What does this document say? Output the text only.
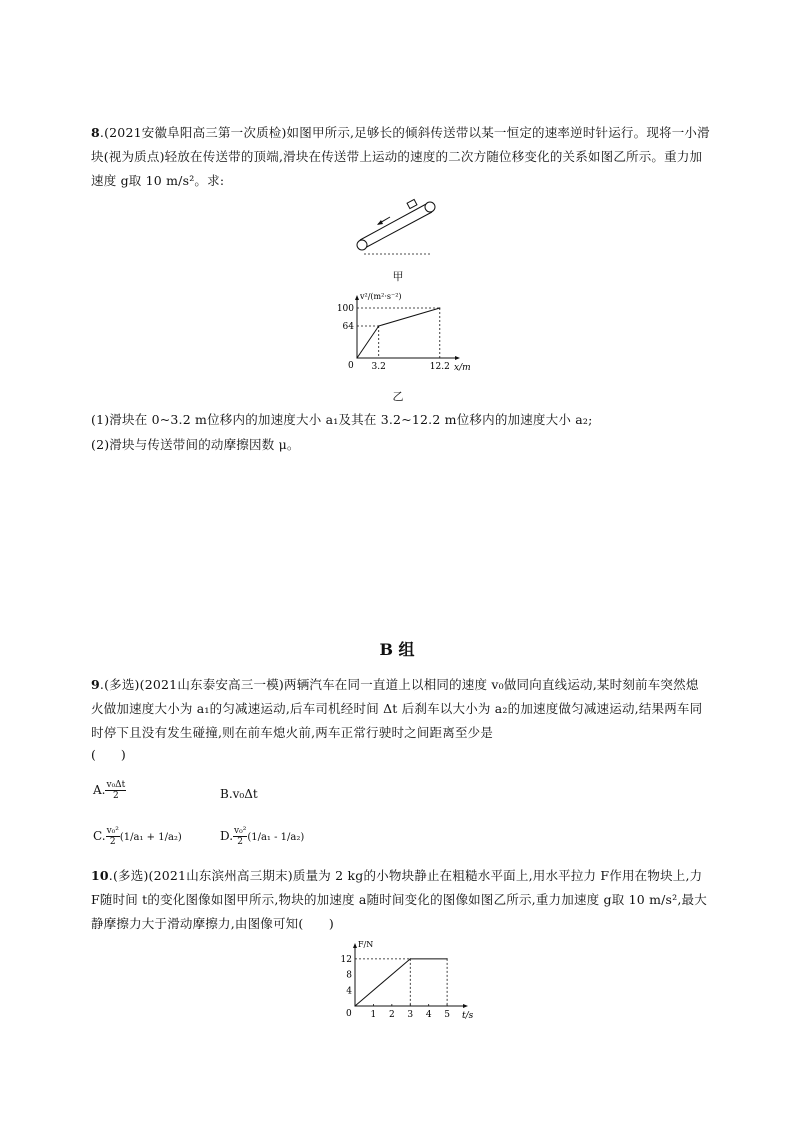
8.(2021安徽阜阳高三第一次质检)如图甲所示,足够长的倾斜传送带以某一恒定的速率逆时针运行。现将一小滑块(视为质点)轻放在传送带的顶端,滑块在传送带上运动的速度的二次方随位移变化的关系如图乙所示。重力加速度 g取 10 m/s²。求:

甲
x/m
v²/(m²·s⁻²)
0 3.2	12.2
64
100
乙

(1)滑块在 0~3.2 m位移内的加速度大小 a₁及其在 3.2~12.2 m位移内的加速度大小 a₂;

(2)滑块与传送带间的动摩擦因数 μ。

B 组

9.(多选)(2021山东泰安高三一模)两辆汽车在同一直道上以相同的速度 v₀做同向直线运动,某时刻前车突然熄火做加速度大小为 a₁的匀减速运动,后车司机经时间 Δt 后刹车以大小为 a₂的加速度做匀减速运动,结果两车同时停下且没有发生碰撞,则在前车熄火前,两车正常行驶时之间距离至少是

(　　)
A. $\frac{\text{v₀Δt}}{2}$	B.v₀Δt
C. $\frac{\text{v₀²}}{2} (1/a_1 + 1/a_2)$	D. $\frac{\text{v₀²}}{2} (1/a_1 - 1/a_2)$

10.(多选)(2021山东滨州高三期末)质量为 2 kg的小物块静止在粗糙水平面上,用水平拉力 F作用在物块上,力 F随时间 t的变化图像如图甲所示,物块的加速度 a随时间变化的图像如图乙所示,重力加速度 g取 10 m/s²,最大静摩擦力大于滑动摩擦力,由图像可知(　　)

t/s
F/N
0 1 2 3 4 5
4
8
12
